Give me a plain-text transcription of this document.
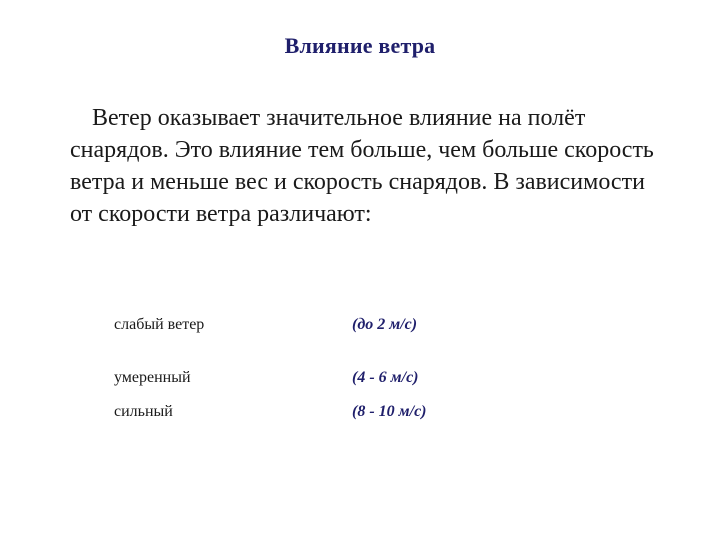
Влияние ветра

Ветер оказывает значительное влияние на полёт снарядов. Это влияние тем больше, чем больше скорость ветра и меньше вес и скорость снарядов. В зависимости от скорости ветра различают:

слабый ветер	(до 2 м/с)
умеренный	(4 - 6 м/с)
сильный	(8 - 10 м/с)
